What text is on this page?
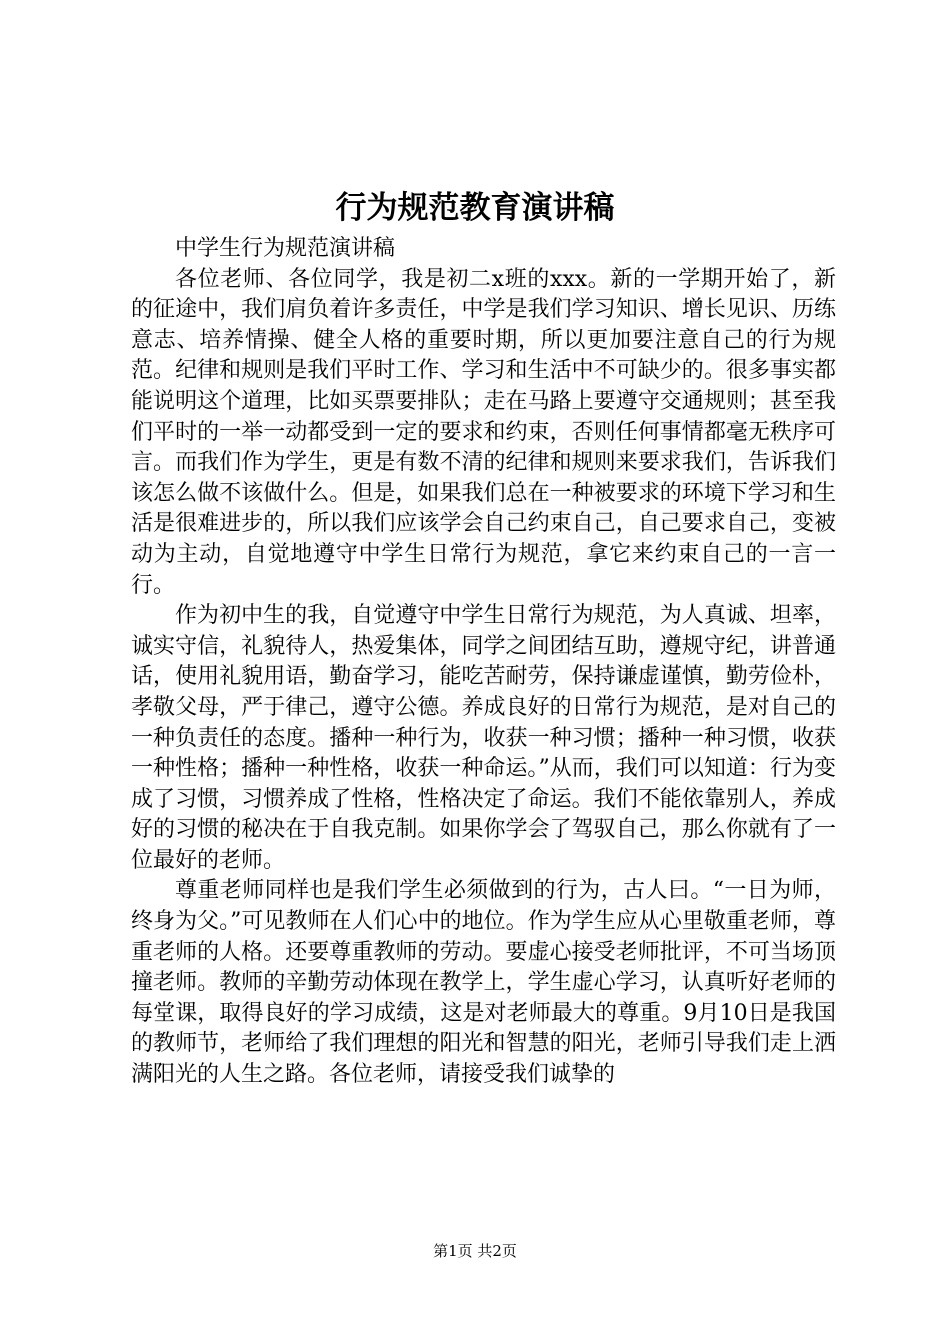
行为规范教育演讲稿

中学生行为规范演讲稿

各位老师、各位同学，我是初二x班的xxx。新的一学期开始了，新的征途中，我们肩负着许多责任，中学是我们学习知识、增长见识、历练意志、培养情操、健全人格的重要时期，所以更加要注意自己的行为规范。纪律和规则是我们平时工作、学习和生活中不可缺少的。很多事实都能说明这个道理，比如买票要排队；走在马路上要遵守交通规则；甚至我们平时的一举一动都受到一定的要求和约束，否则任何事情都毫无秩序可言。而我们作为学生，更是有数不清的纪律和规则来要求我们，告诉我们该怎么做不该做什么。但是，如果我们总在一种被要求的环境下学习和生活是很难进步的，所以我们应该学会自己约束自己，自己要求自己，变被动为主动，自觉地遵守中学生日常行为规范，拿它来约束自己的一言一行。

作为初中生的我，自觉遵守中学生日常行为规范，为人真诚、坦率，诚实守信，礼貌待人，热爱集体，同学之间团结互助，遵规守纪，讲普通话，使用礼貌用语，勤奋学习，能吃苦耐劳，保持谦虚谨慎，勤劳俭朴，孝敬父母，严于律己，遵守公德。养成良好的日常行为规范，是对自己的一种负责任的态度。播种一种行为，收获一种习惯；播种一种习惯，收获一种性格；播种一种性格，收获一种命运。”从而，我们可以知道：行为变成了习惯，习惯养成了性格，性格决定了命运。我们不能依靠别人，养成好的习惯的秘决在于自我克制。如果你学会了驾驭自己，那么你就有了一位最好的老师。

尊重老师同样也是我们学生必须做到的行为，古人曰。“一日为师，终身为父。”可见教师在人们心中的地位。作为学生应从心里敬重老师，尊重老师的人格。还要尊重教师的劳动。要虚心接受老师批评，不可当场顶撞老师。教师的辛勤劳动体现在教学上，学生虚心学习，认真听好老师的每堂课，取得良好的学习成绩，这是对老师最大的尊重。9月10日是我国的教师节，老师给了我们理想的阳光和智慧的阳光，老师引导我们走上洒满阳光的人生之路。各位老师，请接受我们诚挚的

第1页 共2页
